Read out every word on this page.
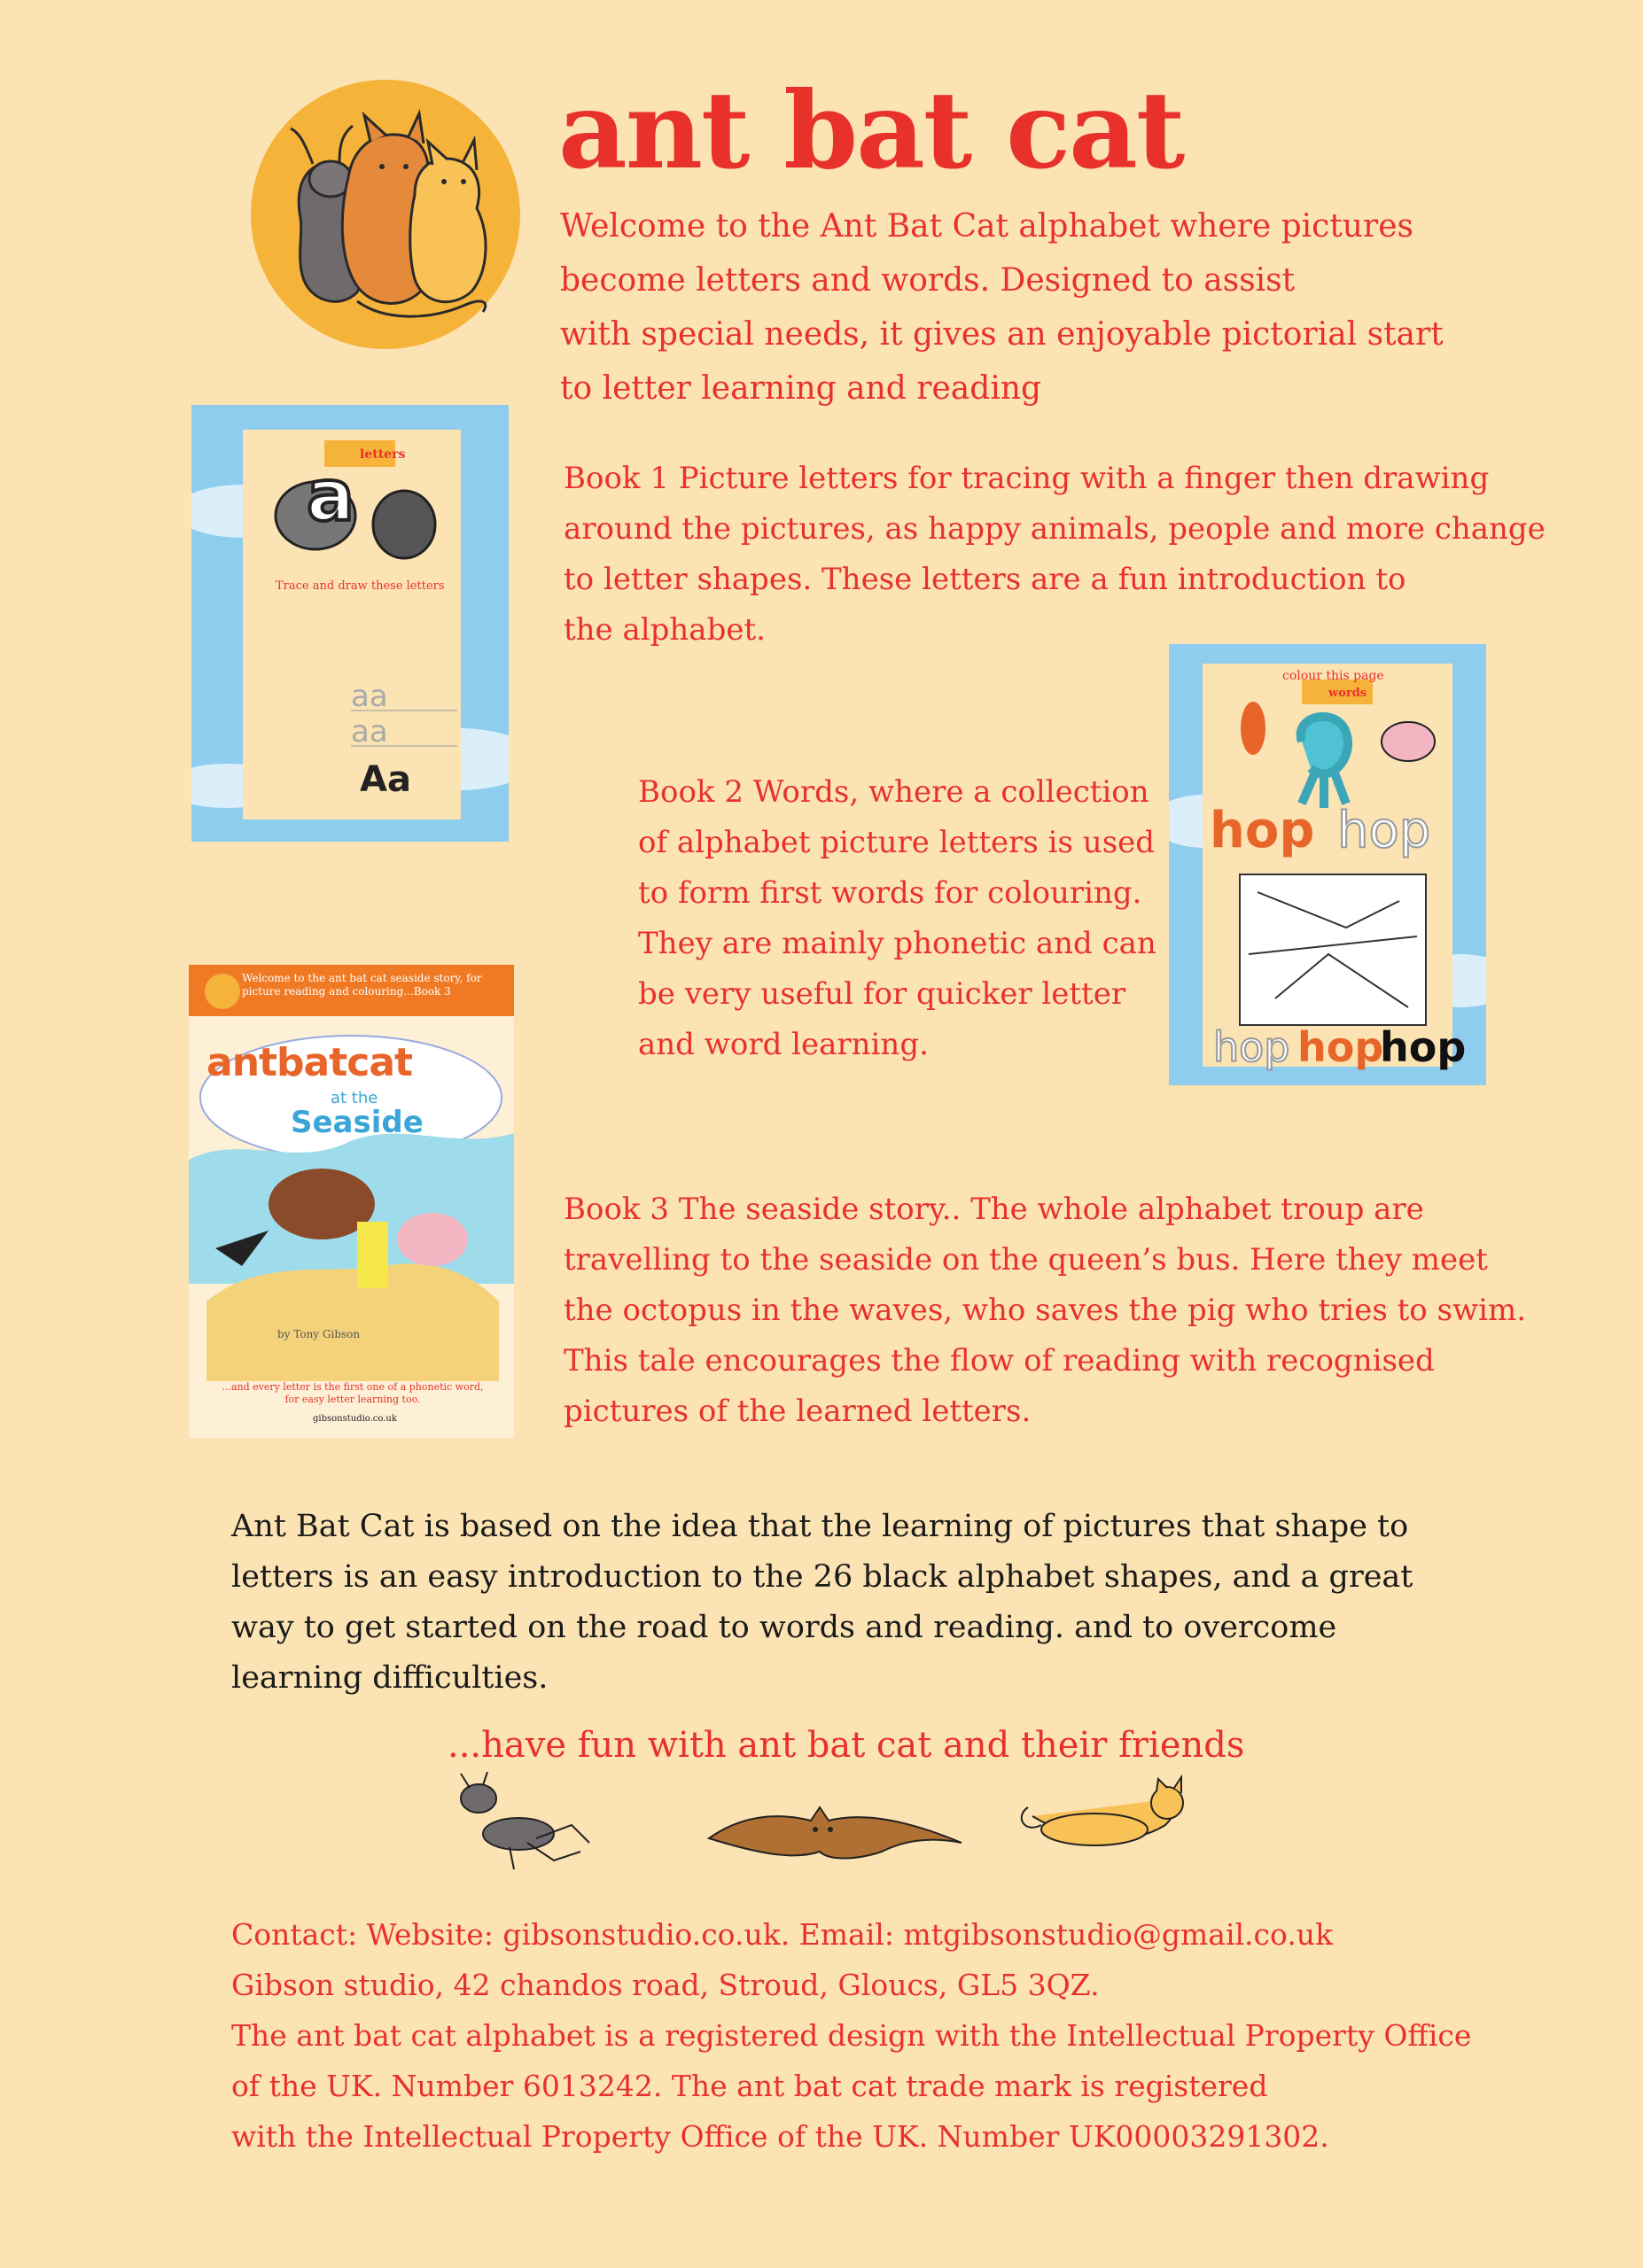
ant bat cat

Welcome to the Ant Bat Cat alphabet where pictures
become letters and words. Designed to assist
with special needs, it gives an enjoyable pictorial start
to letter learning and reading

a
aa
aa
letters
Trace and draw these letters
Aa

Book 1 Picture letters for tracing with a finger then drawing
around the pictures, as happy animals, people and more change
to letter shapes. These letters are a fun introduction to
the alphabet.

colour this page
words
hop hop
hop hop
hop

Book 2 Words, where a collection
of alphabet picture letters is used
to form first words for colouring.
They are mainly phonetic and can
be very useful for quicker letter
and word learning.

Welcome to the ant bat cat seaside story, for
picture reading and colouring...Book 3
antbatcat
at the
Seaside
by Tony Gibson
...and every letter is the first one of a phonetic word,
for easy letter learning too.
gibsonstudio.co.uk

Book 3 The seaside story.. The whole alphabet troup are
travelling to the seaside on the queen’s bus. Here they meet
the octopus in the waves, who saves the pig who tries to swim.
This tale encourages the flow of reading with recognised
pictures of the learned letters.

Ant Bat Cat is based on the idea that the learning of pictures that shape to
letters is an easy introduction to the 26 black alphabet shapes, and a great
way to get started on the road to words and reading. and to overcome
learning difficulties.

...have fun with ant bat cat and their friends

Contact: Website: gibsonstudio.co.uk. Email: mtgibsonstudio@gmail.co.uk
Gibson studio, 42 chandos road, Stroud, Gloucs, GL5 3QZ.
The ant bat cat alphabet is a registered design with the Intellectual Property Office
of the UK. Number 6013242. The ant bat cat trade mark is registered
with the Intellectual Property Office of the UK. Number UK00003291302.
